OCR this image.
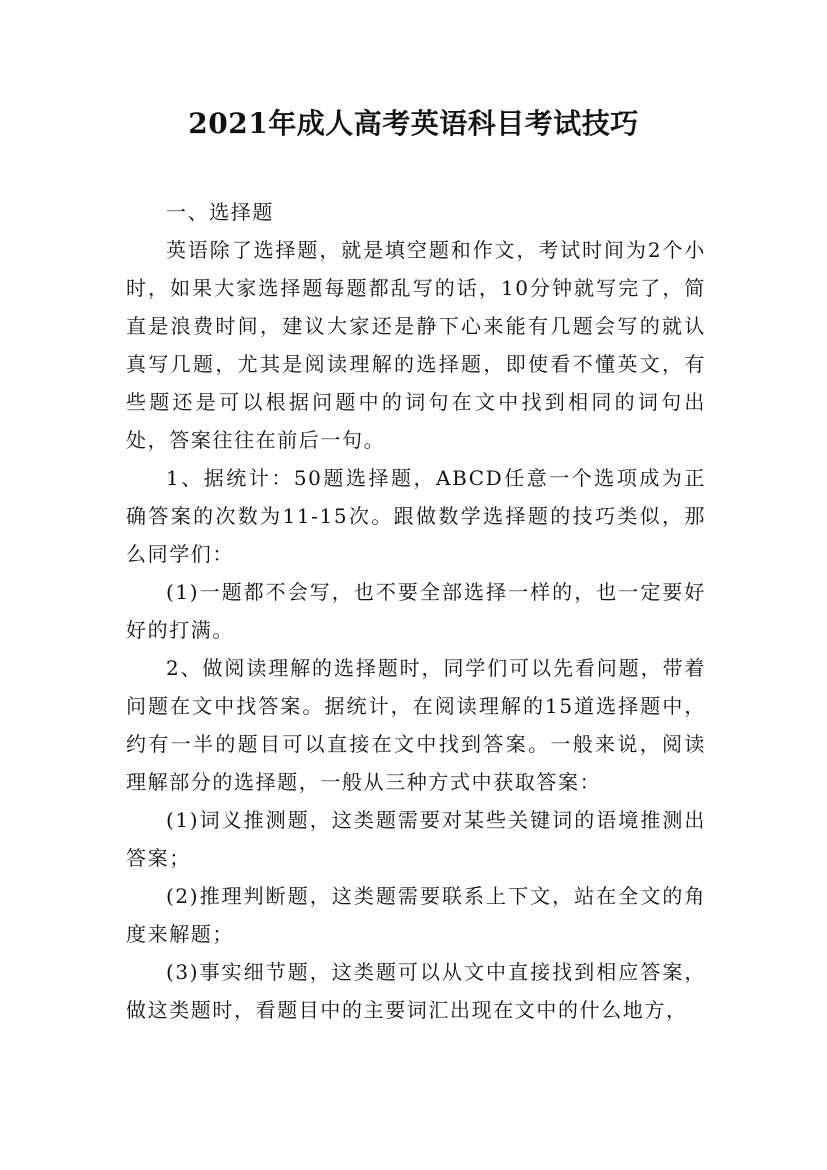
2021年成人高考英语科目考试技巧

一、选择题

英语除了选择题，就是填空题和作文，考试时间为2个小时，如果大家选择题每题都乱写的话，10分钟就写完了，简直是浪费时间，建议大家还是静下心来能有几题会写的就认真写几题，尤其是阅读理解的选择题，即使看不懂英文，有些题还是可以根据问题中的词句在文中找到相同的词句出处，答案往往在前后一句。

1、据统计：50题选择题，ABCD任意一个选项成为正确答案的次数为11-15次。跟做数学选择题的技巧类似，那么同学们：

(1)一题都不会写，也不要全部选择一样的，也一定要好好的打满。

2、做阅读理解的选择题时，同学们可以先看问题，带着问题在文中找答案。据统计，在阅读理解的15道选择题中，约有一半的题目可以直接在文中找到答案。一般来说，阅读理解部分的选择题，一般从三种方式中获取答案：

(1)词义推测题，这类题需要对某些关键词的语境推测出答案；

(2)推理判断题，这类题需要联系上下文，站在全文的角度来解题；

(3)事实细节题，这类题可以从文中直接找到相应答案，做这类题时，看题目中的主要词汇出现在文中的什么地方，
